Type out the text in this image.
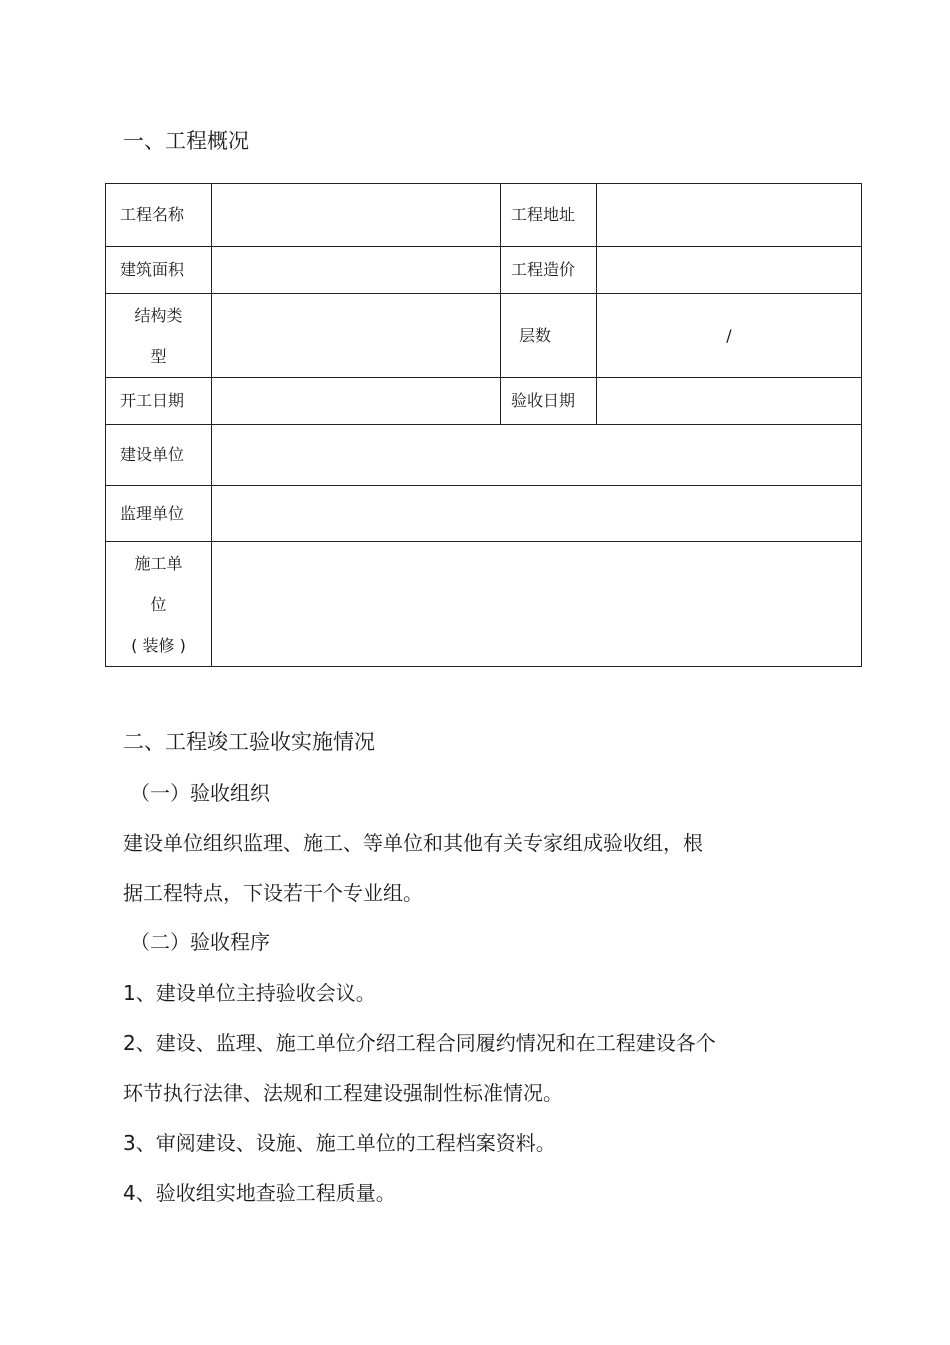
一、工程概况
工程名称		工程地址	
建筑面积		工程造价	

结构类
型		层数	/
开工日期		验收日期	
建设单位			
监理单位			

施工单
位
( 装修 )			

二、工程竣工验收实施情况
（一）验收组织
建设单位组织监理、施工、等单位和其他有关专家组成验收组，根
据工程特点，下设若干个专业组。
（二）验收程序
1、建设单位主持验收会议。
2、建设、监理、施工单位介绍工程合同履约情况和在工程建设各个
环节执行法律、法规和工程建设强制性标准情况。
3、审阅建设、设施、施工单位的工程档案资料。
4、验收组实地查验工程质量。
